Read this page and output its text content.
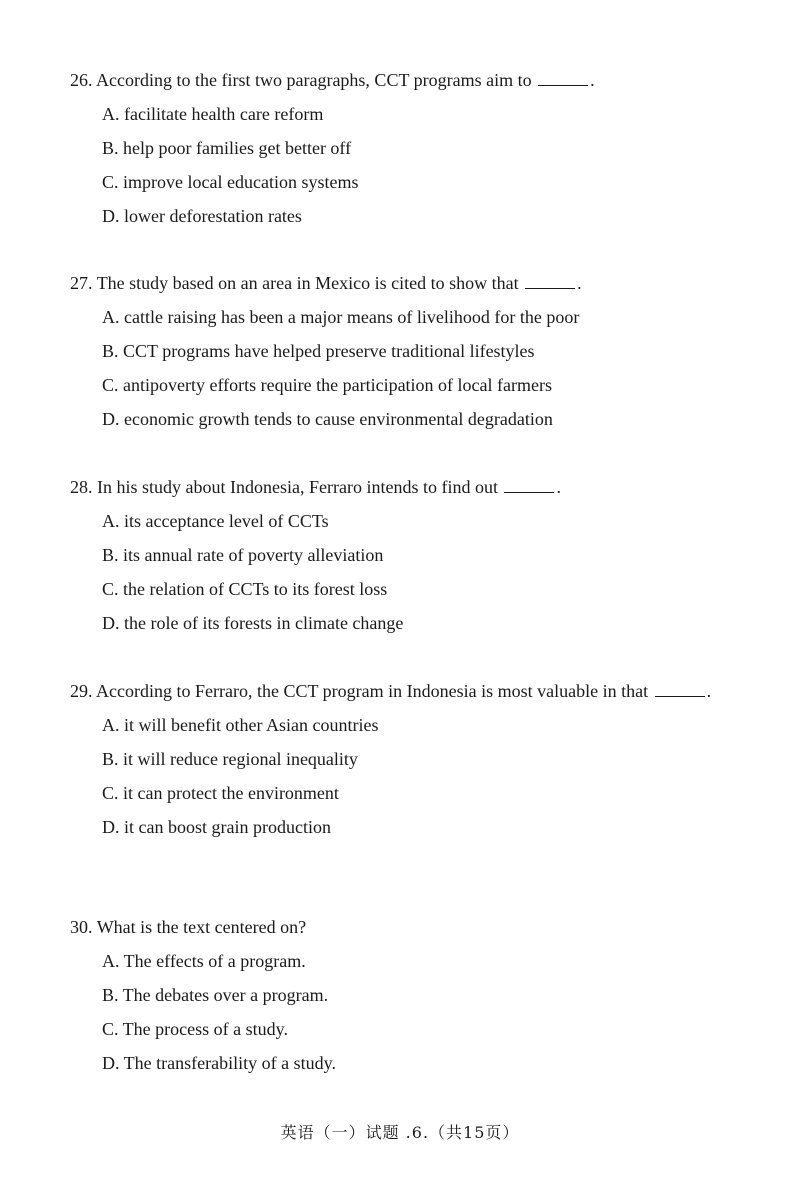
26. According to the first two paragraphs, CCT programs aim to	.

A. facilitate health care reform
B. help poor families get better off
C. improve local education systems
D. lower deforestation rates

27. The study based on an area in Mexico is cited to show that	.

A. cattle raising has been a major means of livelihood for the poor
B. CCT programs have helped preserve traditional lifestyles
C. antipoverty efforts require the participation of local farmers
D. economic growth tends to cause environmental degradation

28. In his study about Indonesia, Ferraro intends to find out	.

A. its acceptance level of CCTs
B. its annual rate of poverty alleviation
C. the relation of CCTs to its forest loss
D. the role of its forests in climate change

29. According to Ferraro, the CCT program in Indonesia is most valuable in that	.

A. it will benefit other Asian countries
B. it will reduce regional inequality
C. it can protect the environment
D. it can boost grain production

30. What is the text centered on?

A. The effects of a program.
B. The debates over a program.
C. The process of a study.
D. The transferability of a study.
英语（一）试题 .6.（共15页）
